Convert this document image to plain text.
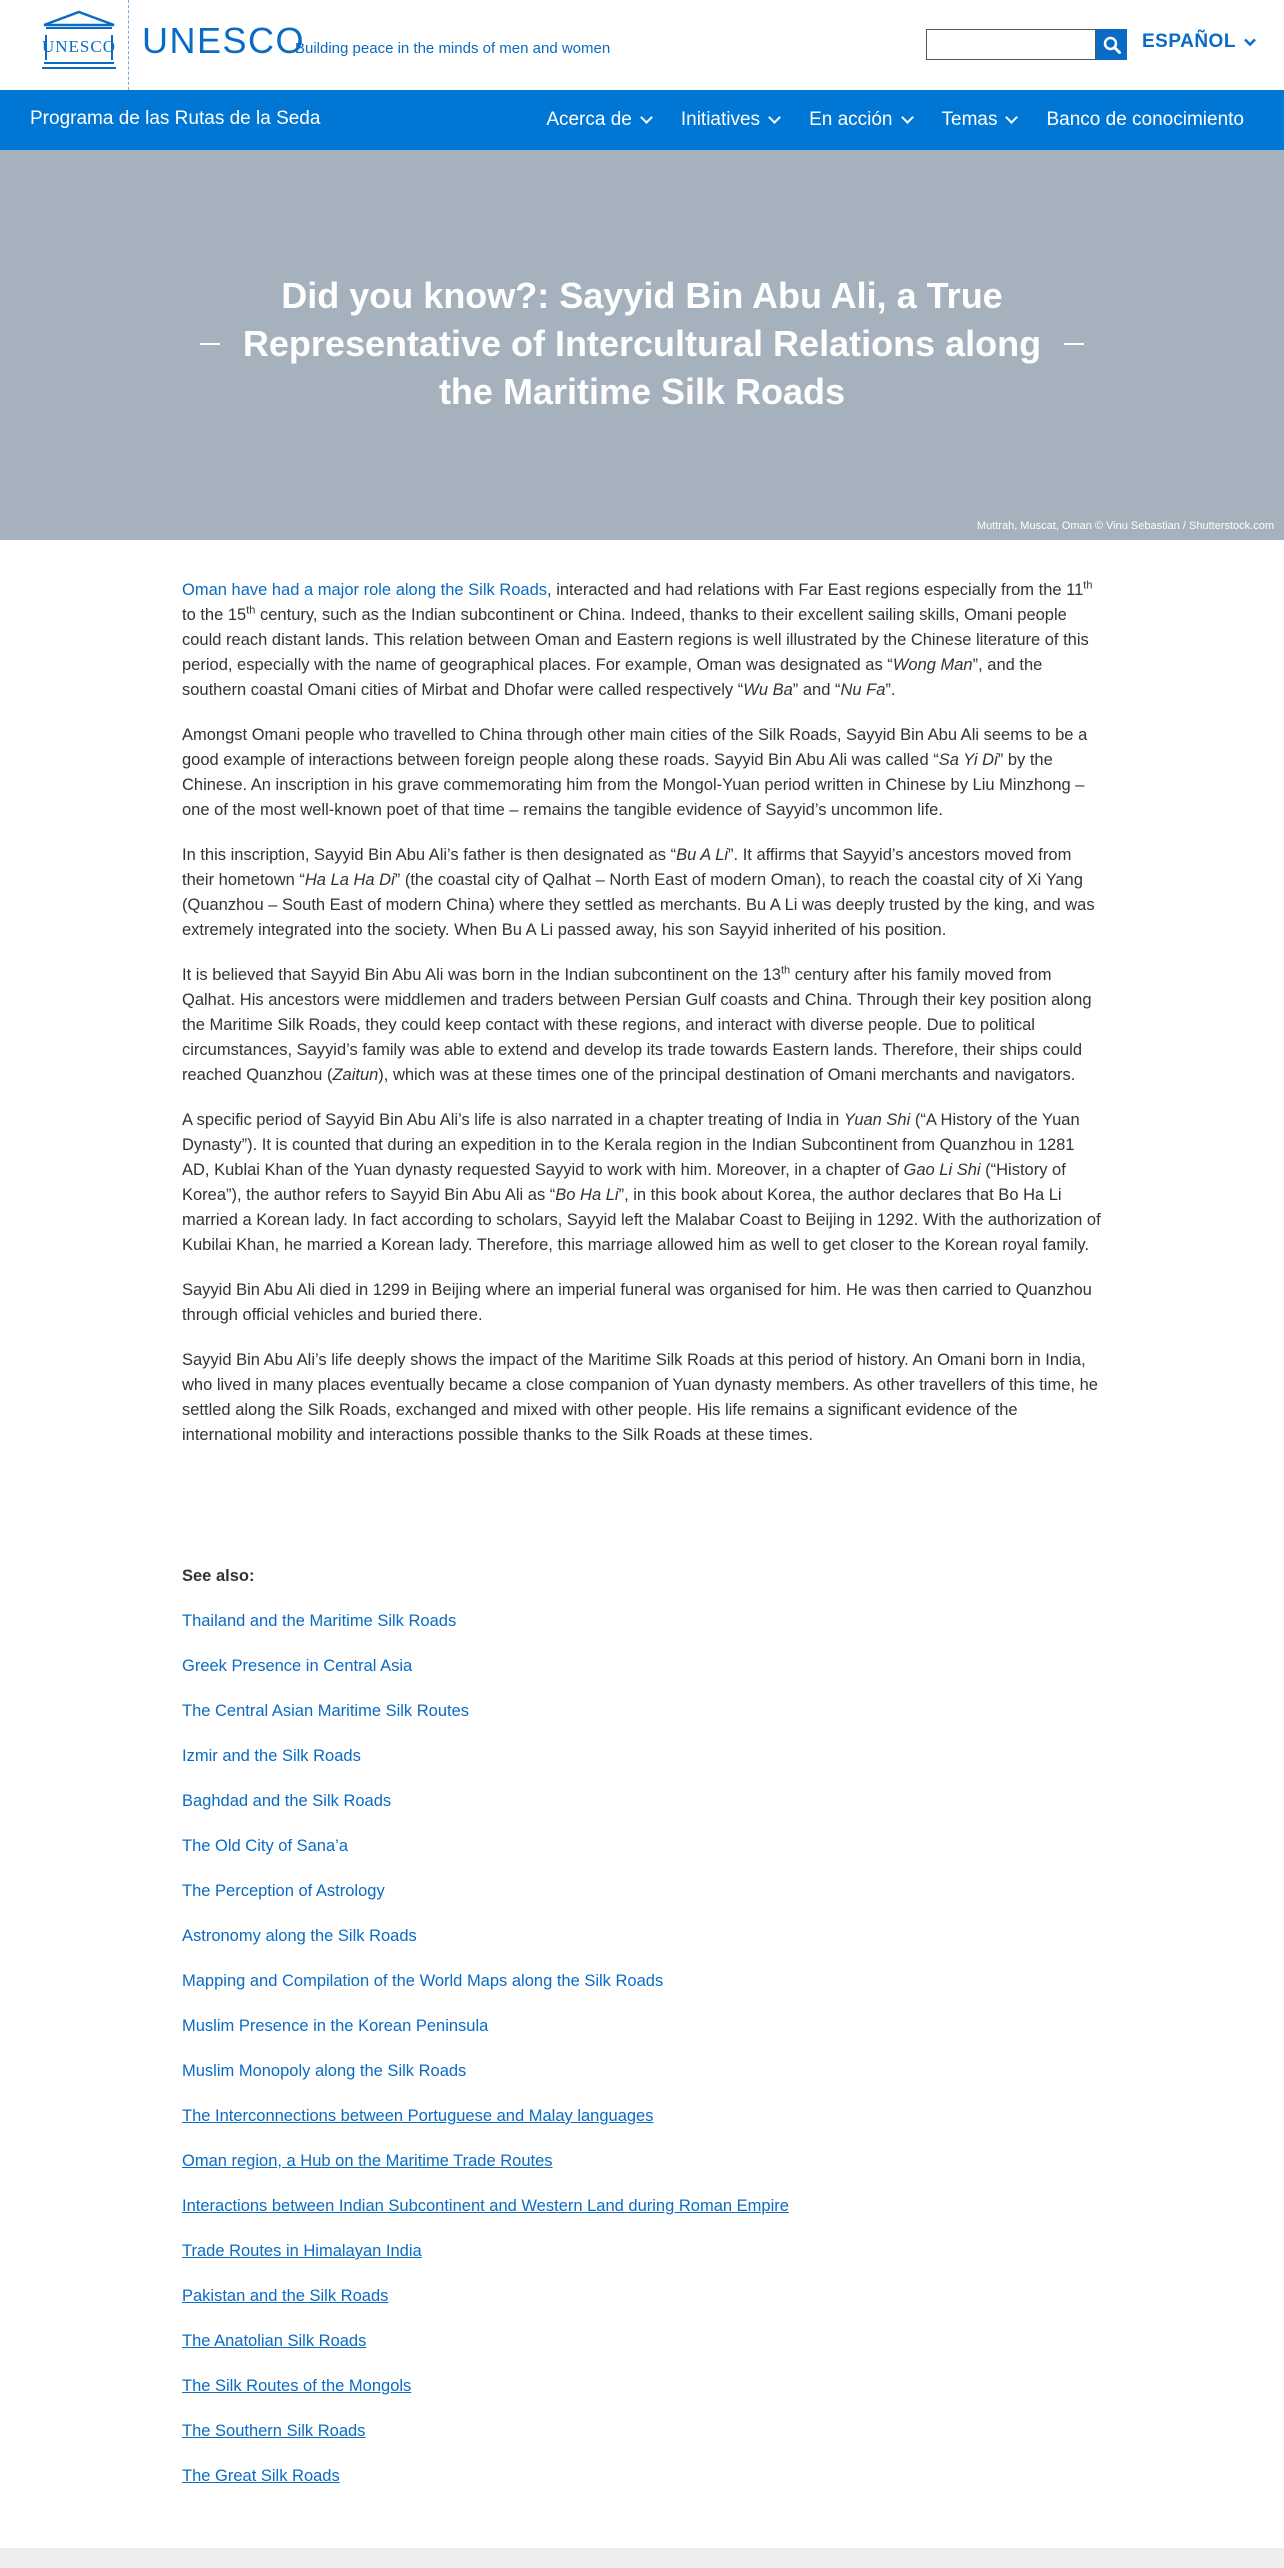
UNESCO UNESCO
Building peace in the minds of men and women	ESPAÑOL
Programa de las Rutas de la Seda	Acerca de	Initiatives	En acción	Temas	Banco de conocimiento
Did you know?: Sayyid Bin Abu Ali, a True Representative of Intercultural Relations along the Maritime Silk Roads
Muttrah, Muscat, Oman © Vinu Sebastian / Shutterstock.com

Oman have had a major role along the Silk Roads, interacted and had relations with Far East regions especially from the 11th to the 15th century, such as the Indian subcontinent or China. Indeed, thanks to their excellent sailing skills, Omani people could reach distant lands. This relation between Oman and Eastern regions is well illustrated by the Chinese literature of this period, especially with the name of geographical places. For example, Oman was designated as “Wong Man”, and the southern coastal Omani cities of Mirbat and Dhofar were called respectively “Wu Ba” and “Nu Fa”.

Amongst Omani people who travelled to China through other main cities of the Silk Roads, Sayyid Bin Abu Ali seems to be a good example of interactions between foreign people along these roads. Sayyid Bin Abu Ali was called “Sa Yi Di” by the Chinese. An inscription in his grave commemorating him from the Mongol-Yuan period written in Chinese by Liu Minzhong – one of the most well-known poet of that time – remains the tangible evidence of Sayyid’s uncommon life.

In this inscription, Sayyid Bin Abu Ali’s father is then designated as “Bu A Li”. It affirms that Sayyid’s ancestors moved from their hometown “Ha La Ha Di” (the coastal city of Qalhat – North East of modern Oman), to reach the coastal city of Xi Yang (Quanzhou – South East of modern China) where they settled as merchants. Bu A Li was deeply trusted by the king, and was extremely integrated into the society. When Bu A Li passed away, his son Sayyid inherited of his position.

It is believed that Sayyid Bin Abu Ali was born in the Indian subcontinent on the 13th century after his family moved from Qalhat. His ancestors were middlemen and traders between Persian Gulf coasts and China. Through their key position along the Maritime Silk Roads, they could keep contact with these regions, and interact with diverse people. Due to political circumstances, Sayyid’s family was able to extend and develop its trade towards Eastern lands. Therefore, their ships could reached Quanzhou (Zaitun), which was at these times one of the principal destination of Omani merchants and navigators.

A specific period of Sayyid Bin Abu Ali’s life is also narrated in a chapter treating of India in Yuan Shi (“A History of the Yuan Dynasty”). It is counted that during an expedition in to the Kerala region in the Indian Subcontinent from Quanzhou in 1281 AD, Kublai Khan of the Yuan dynasty requested Sayyid to work with him. Moreover, in a chapter of Gao Li Shi (“History of Korea”), the author refers to Sayyid Bin Abu Ali as “Bo Ha Li”, in this book about Korea, the author declares that Bo Ha Li married a Korean lady. In fact according to scholars, Sayyid left the Malabar Coast to Beijing in 1292. With the authorization of Kubilai Khan, he married a Korean lady. Therefore, this marriage allowed him as well to get closer to the Korean royal family.

Sayyid Bin Abu Ali died in 1299 in Beijing where an imperial funeral was organised for him. He was then carried to Quanzhou through official vehicles and buried there.

Sayyid Bin Abu Ali’s life deeply shows the impact of the Maritime Silk Roads at this period of history. An Omani born in India, who lived in many places eventually became a close companion of Yuan dynasty members. As other travellers of this time, he settled along the Silk Roads, exchanged and mixed with other people. His life remains a significant evidence of the international mobility and interactions possible thanks to the Silk Roads at these times.

See also:
Thailand and the Maritime Silk Roads
Greek Presence in Central Asia
The Central Asian Maritime Silk Routes
Izmir and the Silk Roads
Baghdad and the Silk Roads
The Old City of Sana’a
The Perception of Astrology
Astronomy along the Silk Roads
Mapping and Compilation of the World Maps along the Silk Roads
Muslim Presence in the Korean Peninsula
Muslim Monopoly along the Silk Roads
The Interconnections between Portuguese and Malay languages
Oman region, a Hub on the Maritime Trade Routes
Interactions between Indian Subcontinent and Western Land during Roman Empire
Trade Routes in Himalayan India
Pakistan and the Silk Roads
The Anatolian Silk Roads
The Silk Routes of the Mongols
The Southern Silk Roads
The Great Silk Roads
